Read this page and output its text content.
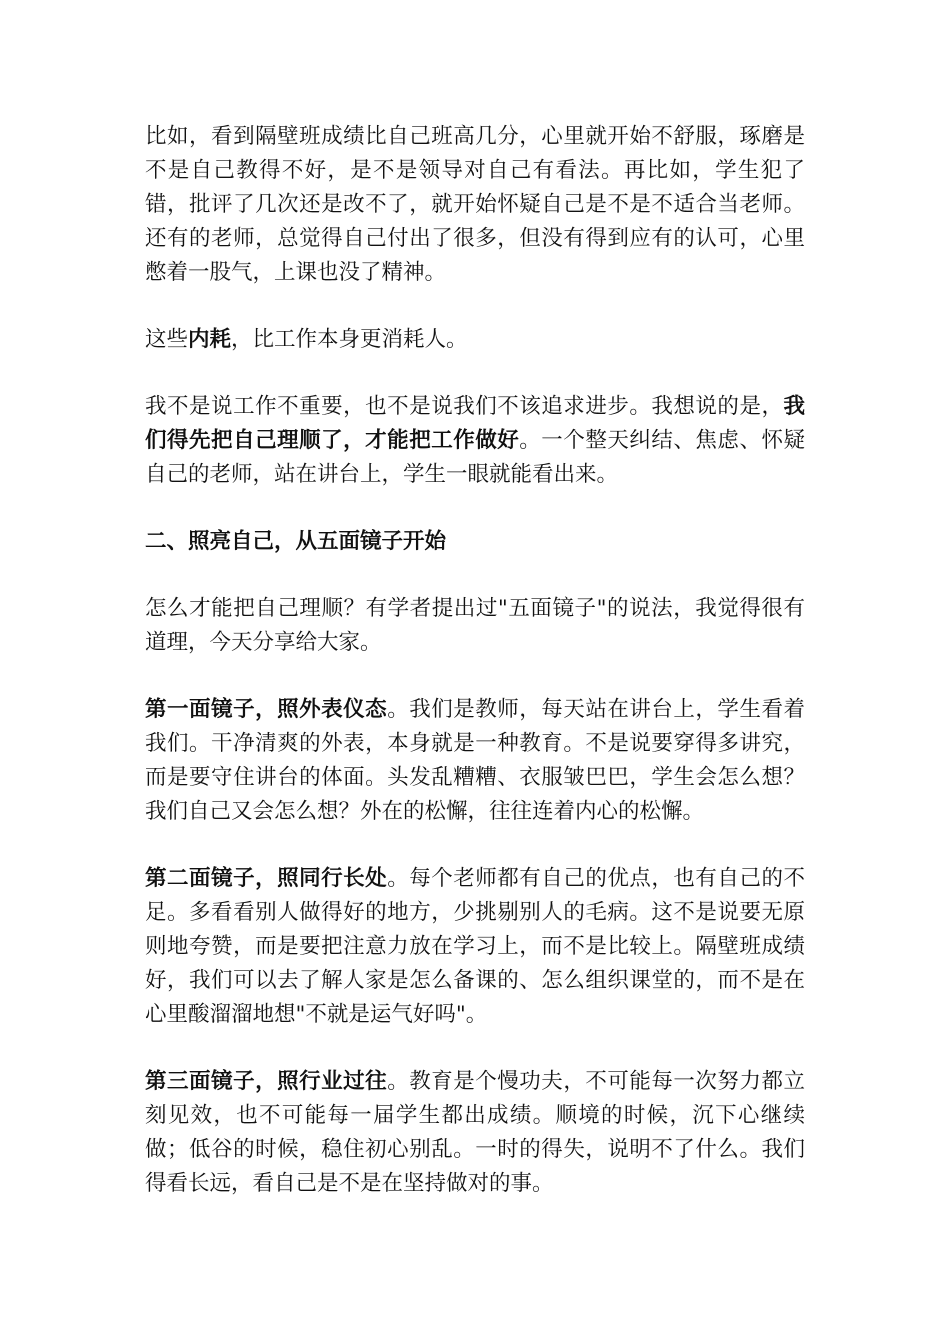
比如，看到隔壁班成绩比自己班高几分，心里就开始不舒服，琢磨是不是自己教得不好，是不是领导对自己有看法。再比如，学生犯了错，批评了几次还是改不了，就开始怀疑自己是不是不适合当老师。还有的老师，总觉得自己付出了很多，但没有得到应有的认可，心里憋着一股气，上课也没了精神。

这些内耗，比工作本身更消耗人。

我不是说工作不重要，也不是说我们不该追求进步。我想说的是，我们得先把自己理顺了，才能把工作做好。一个整天纠结、焦虑、怀疑自己的老师，站在讲台上，学生一眼就能看出来。

二、照亮自己，从五面镜子开始

怎么才能把自己理顺？有学者提出过"五面镜子"的说法，我觉得很有道理，今天分享给大家。

第一面镜子，照外表仪态。我们是教师，每天站在讲台上，学生看着我们。干净清爽的外表，本身就是一种教育。不是说要穿得多讲究，而是要守住讲台的体面。头发乱糟糟、衣服皱巴巴，学生会怎么想？我们自己又会怎么想？外在的松懈，往往连着内心的松懈。

第二面镜子，照同行长处。每个老师都有自己的优点，也有自己的不足。多看看别人做得好的地方，少挑剔别人的毛病。这不是说要无原则地夸赞，而是要把注意力放在学习上，而不是比较上。隔壁班成绩好，我们可以去了解人家是怎么备课的、怎么组织课堂的，而不是在心里酸溜溜地想"不就是运气好吗"。

第三面镜子，照行业过往。教育是个慢功夫，不可能每一次努力都立刻见效，也不可能每一届学生都出成绩。顺境的时候，沉下心继续做；低谷的时候，稳住初心别乱。一时的得失，说明不了什么。我们得看长远，看自己是不是在坚持做对的事。
